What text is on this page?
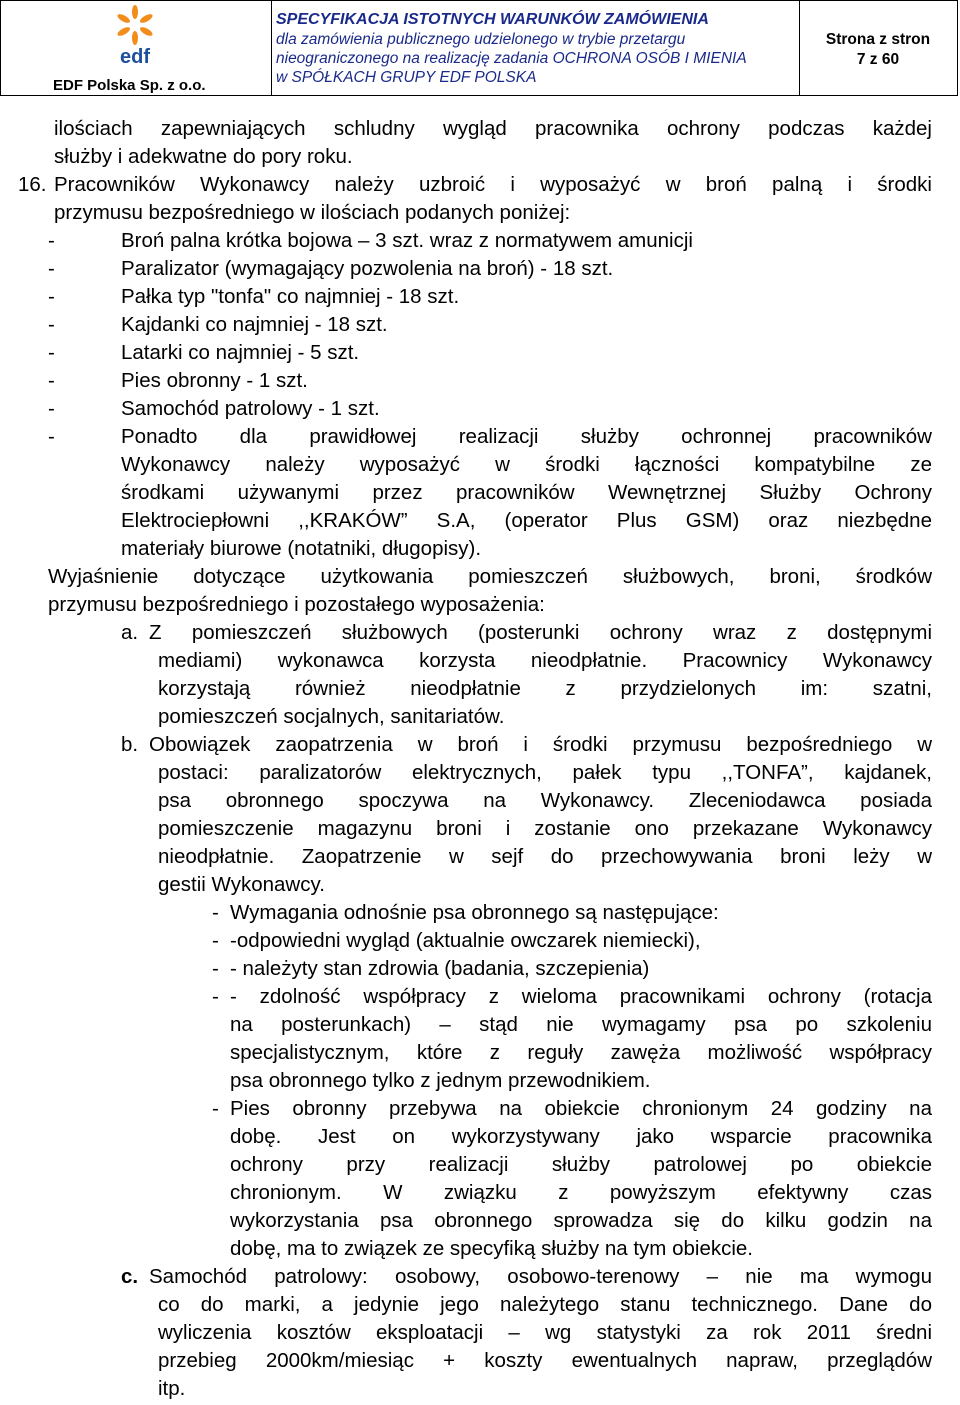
edf
EDF Polska Sp. z o.o.
SPECYFIKACJA ISTOTNYCH WARUNKÓW ZAMÓWIENIA
dla zamówienia publicznego udzielonego w trybie przetargu
nieograniczonego na realizację zadania OCHRONA OSÓB I MIENIA
w SPÓŁKACH GRUPY EDF POLSKA
Strona z stron
7 z 60
ilościach zapewniających schludny wygląd pracownika ochrony podczas każdej
służby i adekwatne do pory roku.
16. Pracowników Wykonawcy należy uzbroić i wyposażyć w broń palną i środki
przymusu bezpośredniego w ilościach podanych poniżej:
-	Broń palna krótka bojowa – 3 szt. wraz z normatywem amunicji
-	Paralizator (wymagający pozwolenia na broń) - 18 szt.
-	Pałka typ "tonfa" co najmniej - 18 szt.
-	Kajdanki co najmniej - 18 szt.
-	Latarki co najmniej - 5 szt.
-	Pies obronny - 1 szt.
-	Samochód patrolowy - 1 szt.
-	Ponadto dla prawidłowej realizacji służby ochronnej pracowników
Wykonawcy należy wyposażyć w środki łączności kompatybilne ze
środkami używanymi przez pracowników Wewnętrznej Służby Ochrony
Elektrociepłowni ,,KRAKÓW” S.A, (operator Plus GSM) oraz niezbędne
materiały biurowe (notatniki, długopisy).
Wyjaśnienie dotyczące użytkowania pomieszczeń służbowych, broni, środków
przymusu bezpośredniego i pozostałego wyposażenia:
a. Z pomieszczeń służbowych (posterunki ochrony wraz z dostępnymi
mediami) wykonawca korzysta nieodpłatnie. Pracownicy Wykonawcy
korzystają również nieodpłatnie z przydzielonych im: szatni,
pomieszczeń socjalnych, sanitariatów.
b. Obowiązek zaopatrzenia w broń i środki przymusu bezpośredniego w
postaci: paralizatorów elektrycznych, pałek typu ,,TONFA”, kajdanek,
psa obronnego spoczywa na Wykonawcy. Zleceniodawca posiada
pomieszczenie magazynu broni i zostanie ono przekazane Wykonawcy
nieodpłatnie. Zaopatrzenie w sejf do przechowywania broni leży w
gestii Wykonawcy.
- Wymagania odnośnie psa obronnego są następujące:
- -odpowiedni wygląd (aktualnie owczarek niemiecki),
- - należyty stan zdrowia (badania, szczepienia)
- - zdolność współpracy z wieloma pracownikami ochrony (rotacja
na posterunkach) – stąd nie wymagamy psa po szkoleniu
specjalistycznym, które z reguły zawęża możliwość współpracy
psa obronnego tylko z jednym przewodnikiem.
- Pies obronny przebywa na obiekcie chronionym 24 godziny na
dobę. Jest on wykorzystywany jako wsparcie pracownika
ochrony przy realizacji służby patrolowej po obiekcie
chronionym. W związku z powyższym efektywny czas
wykorzystania psa obronnego sprowadza się do kilku godzin na
dobę, ma to związek ze specyfiką służby na tym obiekcie.
c. Samochód patrolowy: osobowy, osobowo-terenowy – nie ma wymogu
co do marki, a jedynie jego należytego stanu technicznego. Dane do
wyliczenia kosztów eksploatacji – wg statystyki za rok 2011 średni
przebieg 2000km/miesiąc + koszty ewentualnych napraw, przeglądów
itp.
